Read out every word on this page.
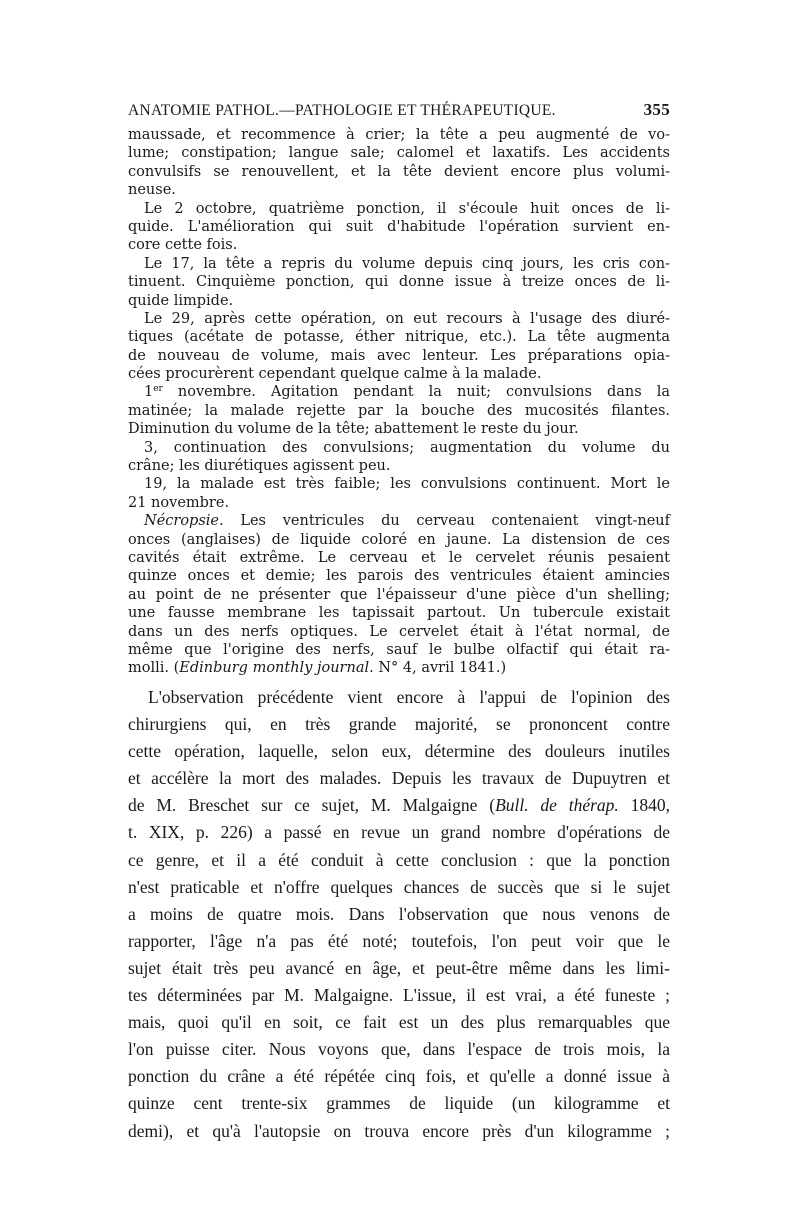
ANATOMIE PATHOL.—PATHOLOGIE ET THÉRAPEUTIQUE.	355
maussade, et recommence à crier; la tête a peu augmenté de vo-
lume; constipation; langue sale; calomel et laxatifs. Les accidents
convulsifs se renouvellent, et la tête devient encore plus volumi-
neuse.
Le 2 octobre, quatrième ponction, il s'écoule huit onces de li-
quide. L'amélioration qui suit d'habitude l'opération survient en-
core cette fois.
Le 17, la tête a repris du volume depuis cinq jours, les cris con-
tinuent. Cinquième ponction, qui donne issue à treize onces de li-
quide limpide.
Le 29, après cette opération, on eut recours à l'usage des diuré-
tiques (acétate de potasse, éther nitrique, etc.). La tête augmenta
de nouveau de volume, mais avec lenteur. Les préparations opia-
cées procurèrent cependant quelque calme à la malade.
1er novembre. Agitation pendant la nuit; convulsions dans la
matinée; la malade rejette par la bouche des mucosités filantes.
Diminution du volume de la tête; abattement le reste du jour.
3, continuation des convulsions; augmentation du volume du
crâne; les diurétiques agissent peu.
19, la malade est très faible; les convulsions continuent. Mort le
21 novembre.
Nécropsie. Les ventricules du cerveau contenaient vingt-neuf
onces (anglaises) de liquide coloré en jaune. La distension de ces
cavités était extrême. Le cerveau et le cervelet réunis pesaient
quinze onces et demie; les parois des ventricules étaient amincies
au point de ne présenter que l'épaisseur d'une pièce d'un shelling;
une fausse membrane les tapissait partout. Un tubercule existait
dans un des nerfs optiques. Le cervelet était à l'état normal, de
même que l'origine des nerfs, sauf le bulbe olfactif qui était ra-
molli. (Edinburg monthly journal. N° 4, avril 1841.)
L'observation précédente vient encore à l'appui de l'opinion des
chirurgiens qui, en très grande majorité, se prononcent contre
cette opération, laquelle, selon eux, détermine des douleurs inutiles
et accélère la mort des malades. Depuis les travaux de Dupuytren et
de M. Breschet sur ce sujet, M. Malgaigne (Bull. de thérap. 1840,
t. XIX, p. 226) a passé en revue un grand nombre d'opérations de
ce genre, et il a été conduit à cette conclusion : que la ponction
n'est praticable et n'offre quelques chances de succès que si le sujet
a moins de quatre mois. Dans l'observation que nous venons de
rapporter, l'âge n'a pas été noté; toutefois, l'on peut voir que le
sujet était très peu avancé en âge, et peut-être même dans les limi-
tes déterminées par M. Malgaigne. L'issue, il est vrai, a été funeste ;
mais, quoi qu'il en soit, ce fait est un des plus remarquables que
l'on puisse citer. Nous voyons que, dans l'espace de trois mois, la
ponction du crâne a été répétée cinq fois, et qu'elle a donné issue à
quinze cent trente-six grammes de liquide (un kilogramme et
demi), et qu'à l'autopsie on trouva encore près d'un kilogramme ;
